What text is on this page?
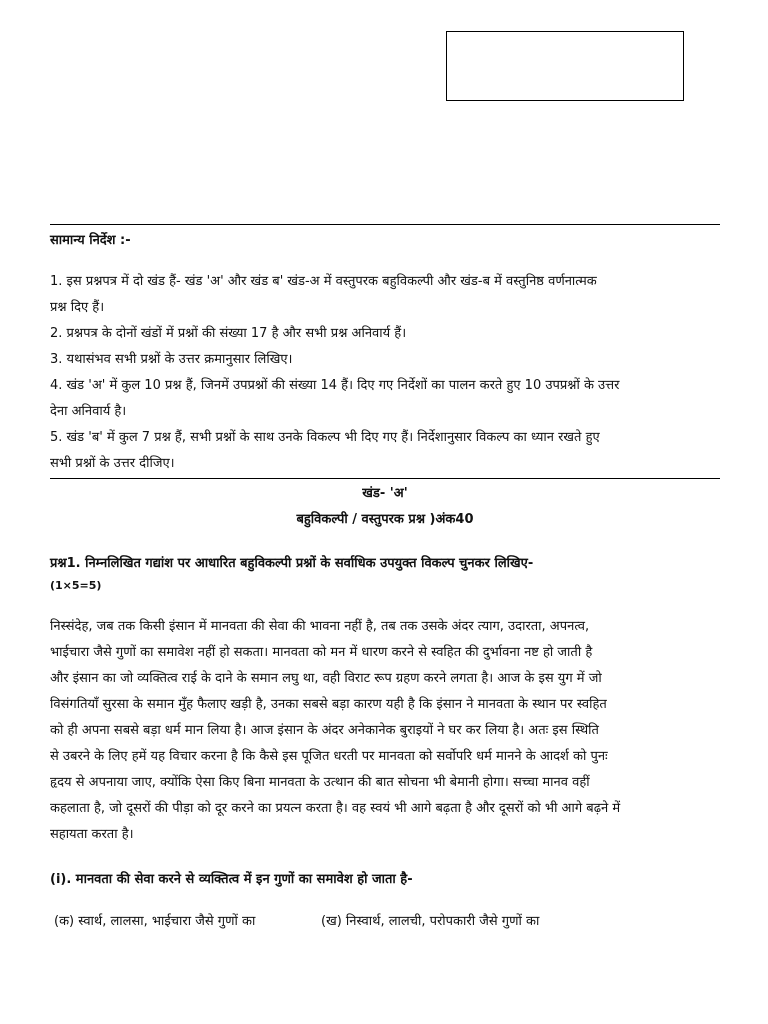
सामान्य निर्देश :-
1. इस प्रश्नपत्र में दो खंड हैं- खंड 'अ' और खंड ब' खंड-अ में वस्तुपरक बहुविकल्पी और खंड-ब में वस्तुनिष्ठ वर्णनात्मक
प्रश्न दिए हैं।
2. प्रश्नपत्र के दोनों खंडों में प्रश्नों की संख्या 17 है और सभी प्रश्न अनिवार्य हैं।
3. यथासंभव सभी प्रश्नों के उत्तर क्रमानुसार लिखिए।
4. खंड 'अ' में कुल 10 प्रश्न हैं, जिनमें उपप्रश्नों की संख्या 14 हैं। दिए गए निर्देशों का पालन करते हुए 10 उपप्रश्नों के उत्तर
देना अनिवार्य है।
5. खंड 'ब' में कुल 7 प्रश्न हैं, सभी प्रश्नों के साथ उनके विकल्प भी दिए गए हैं। निर्देशानुसार विकल्प का ध्यान रखते हुए
सभी प्रश्नों के उत्तर दीजिए।
खंड- 'अ'
बहुविकल्पी / वस्तुपरक प्रश्न )अंक40
प्रश्न1. निम्नलिखित गद्यांश पर आधारित बहुविकल्पी प्रश्नों के सर्वाधिक उपयुक्त विकल्प चुनकर लिखिए-
(1×5=5)
निस्संदेह, जब तक किसी इंसान में मानवता की सेवा की भावना नहीं है, तब तक उसके अंदर त्याग, उदारता, अपनत्व,
भाईचारा जैसे गुणों का समावेश नहीं हो सकता। मानवता को मन में धारण करने से स्वहित की दुर्भावना नष्ट हो जाती है
और इंसान का जो व्यक्तित्व राई के दाने के समान लघु था, वही विराट रूप ग्रहण करने लगता है। आज के इस युग में जो
विसंगतियाँ सुरसा के समान मुँह फैलाए खड़ी है, उनका सबसे बड़ा कारण यही है कि इंसान ने मानवता के स्थान पर स्वहित
को ही अपना सबसे बड़ा धर्म मान लिया है। आज इंसान के अंदर अनेकानेक बुराइयों ने घर कर लिया है। अतः इस स्थिति
से उबरने के लिए हमें यह विचार करना है कि कैसे इस पूजित धरती पर मानवता को सर्वोपरि धर्म मानने के आदर्श को पुनः
हृदय से अपनाया जाए, क्योंकि ऐसा किए बिना मानवता के उत्थान की बात सोचना भी बेमानी होगा। सच्चा मानव वहीं
कहलाता है, जो दूसरों की पीड़ा को दूर करने का प्रयत्न करता है। वह स्वयं भी आगे बढ़ता है और दूसरों को भी आगे बढ़ने में
सहायता करता है।
(i). मानवता की सेवा करने से व्यक्तित्व में इन गुणों का समावेश हो जाता है-
(क) स्वार्थ, लालसा, भाईचारा जैसे गुणों का	(ख) निस्वार्थ, लालची, परोपकारी जैसे गुणों का
